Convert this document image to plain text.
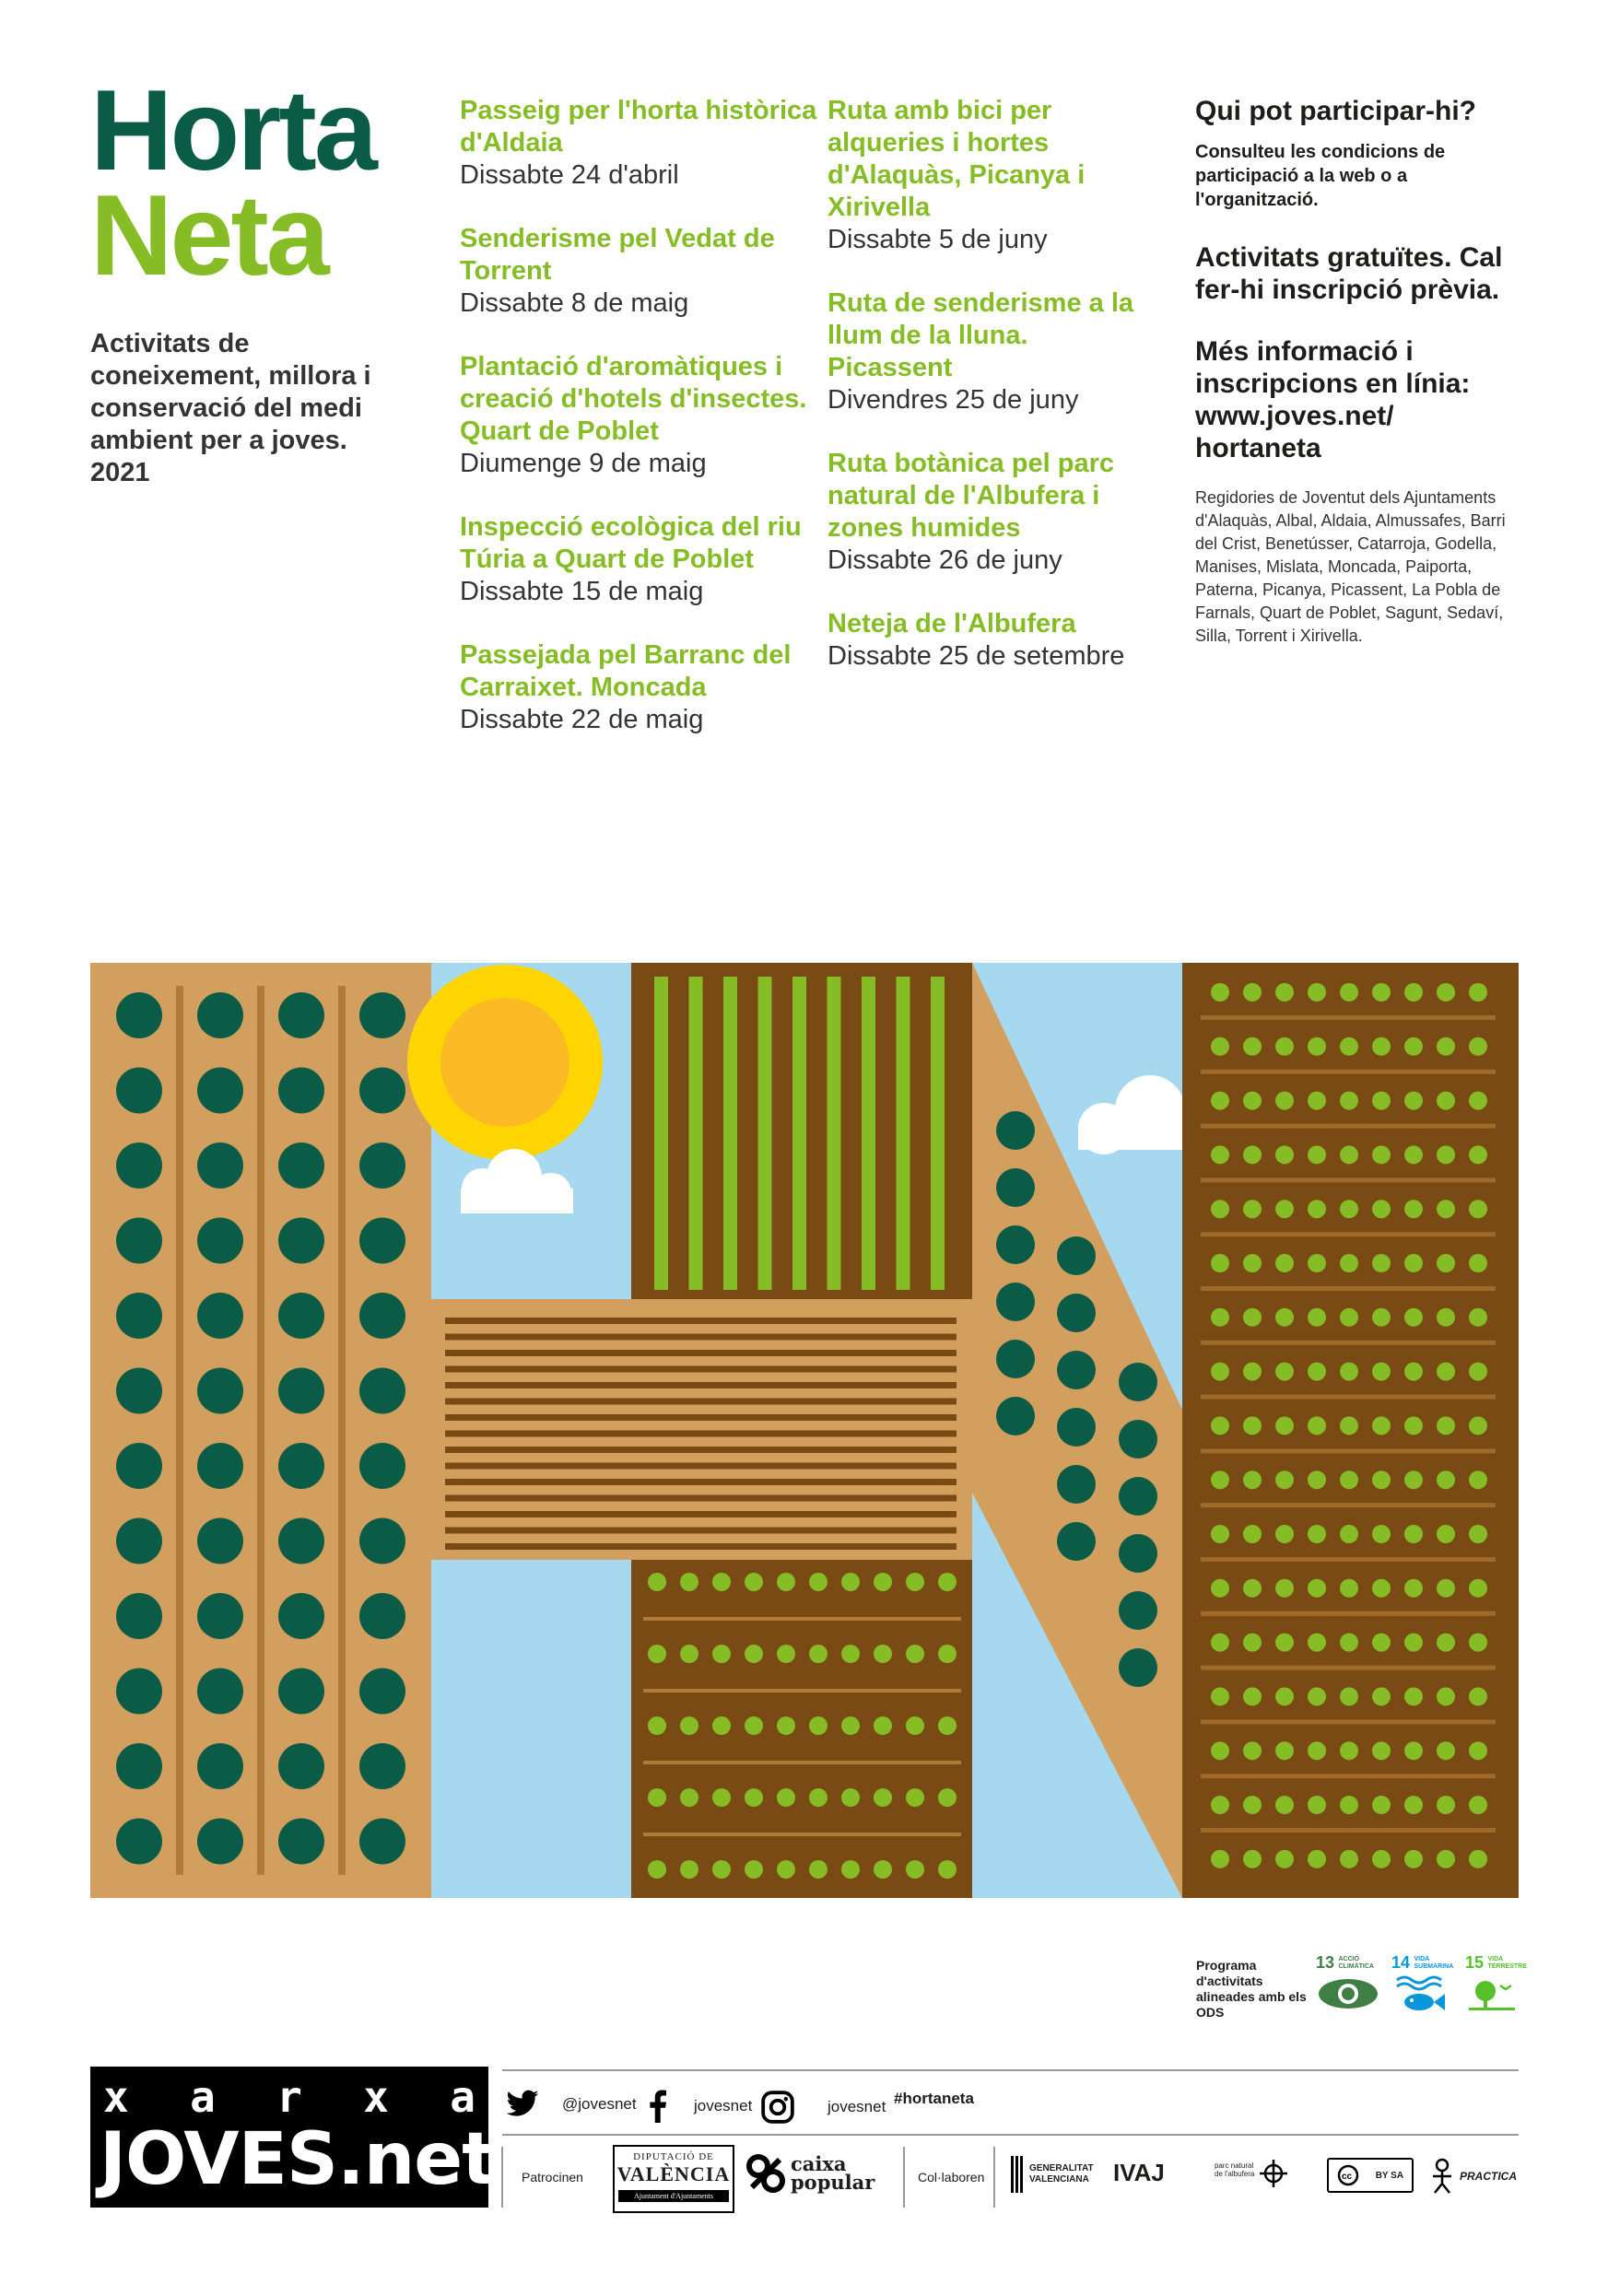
Horta
Neta
Activitats de coneixement, millora i conservació del medi ambient per a joves. 2021
Passeig per l'horta històrica d'Aldaia
Dissabte 24 d'abril
Senderisme pel Vedat de Torrent
Dissabte 8 de maig
Plantació d'aromàtiques i creació d'hotels d'insectes. Quart de Poblet
Diumenge 9 de maig
Inspecció ecològica del riu Túria a Quart de Poblet
Dissabte 15 de maig
Passejada pel Barranc del Carraixet. Moncada
Dissabte 22 de maig
Ruta amb bici per alqueries i hortes d'Alaquàs, Picanya i Xirivella
Dissabte 5 de juny
Ruta de senderisme a la llum de la lluna. Picassent
Divendres 25 de juny
Ruta botànica pel parc natural de l'Albufera i zones humides
Dissabte 26 de juny
Neteja de l'Albufera
Dissabte 25 de setembre
Qui pot participar-hi?
Consulteu les condicions de participació a la web o a l'organització.
Activitats gratuïtes. Cal fer-hi inscripció prèvia.
Més informació i inscripcions en línia: www.joves.net/ hortaneta
Regidories de Joventut dels Ajuntaments d'Alaquàs, Albal, Aldaia, Almussafes, Barri del Crist, Benetússer, Catarroja, Godella, Manises, Mislata, Moncada, Paiporta, Paterna, Picanya, Picassent, La Pobla de Farnals, Quart de Poblet, Sagunt, Sedaví, Silla, Torrent i Xirivella.
Programa d'activitats alineades amb els ODS
13 ACCIÓ CLIMÀTICA	14 VIDA SUBMARINA 15 VIDA TERRESTRE
x a r x a
JOVES.net
@jovesnet	jovesnet	jovesnet #hortaneta
Patrocinen
DIPUTACIÓ DE
VALÈNCIA
Ajuntament d'Ajuntaments
caixa
popular	Col·laboren
GENERALITAT
VALENCIANA IVAJ	parc natural de l'albufera	cc	BY SA	PRACTICA
